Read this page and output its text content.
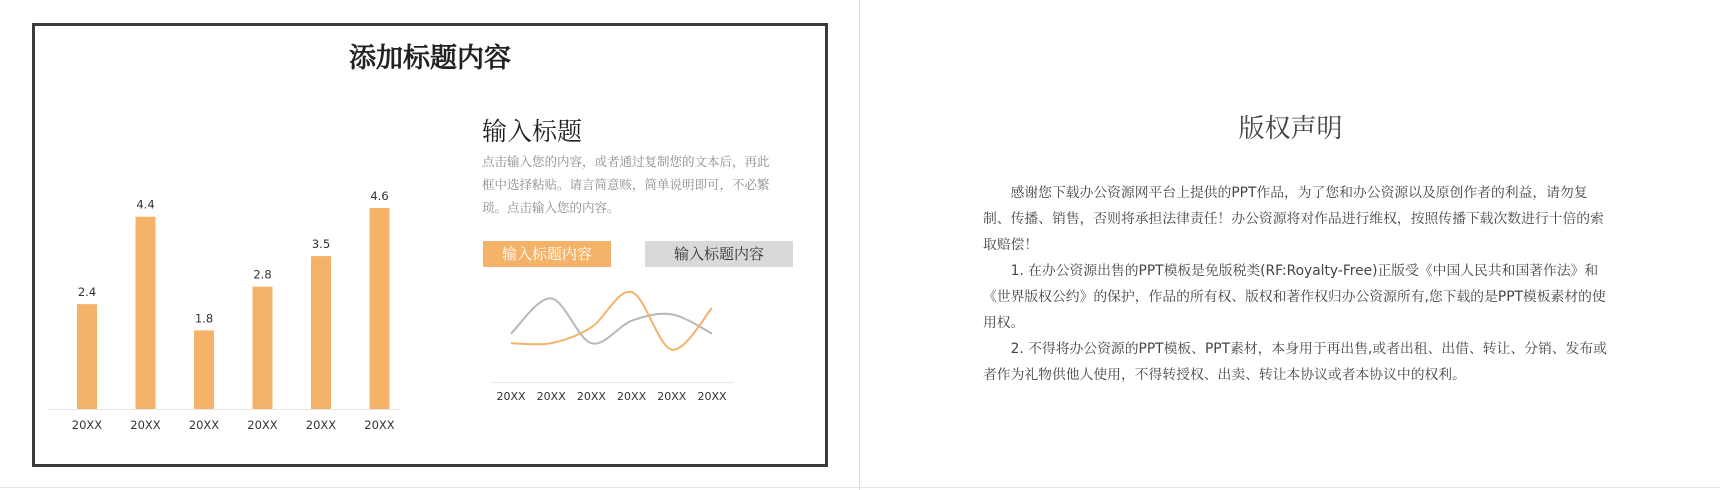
添加标题内容
2.4
20XX
4.4
20XX
1.8
20XX
2.8
20XX
3.5
20XX
4.6
20XX
输入标题
点击输入您的内容，或者通过复制您的文本后，再此框中选择粘贴。请言简意赅，简单说明即可，不必繁琐。点击输入您的内容。
输入标题内容	输入标题内容
20XX 20XX 20XX 20XX 20XX 20XX
版权声明

感谢您下载办公资源网平台上提供的PPT作品，为了您和办公资源以及原创作者的利益，请勿复制、传播、销售，否则将承担法律责任！办公资源将对作品进行维权，按照传播下载次数进行十倍的索取赔偿！

1. 在办公资源出售的PPT模板是免版税类(RF:Royalty-Free)正版受《中国人民共和国著作法》和《世界版权公约》的保护，作品的所有权、版权和著作权归办公资源所有,您下载的是PPT模板素材的使用权。

2. 不得将办公资源的PPT模板、PPT素材，本身用于再出售,或者出租、出借、转让、分销、发布或者作为礼物供他人使用，不得转授权、出卖、转让本协议或者本协议中的权利。
